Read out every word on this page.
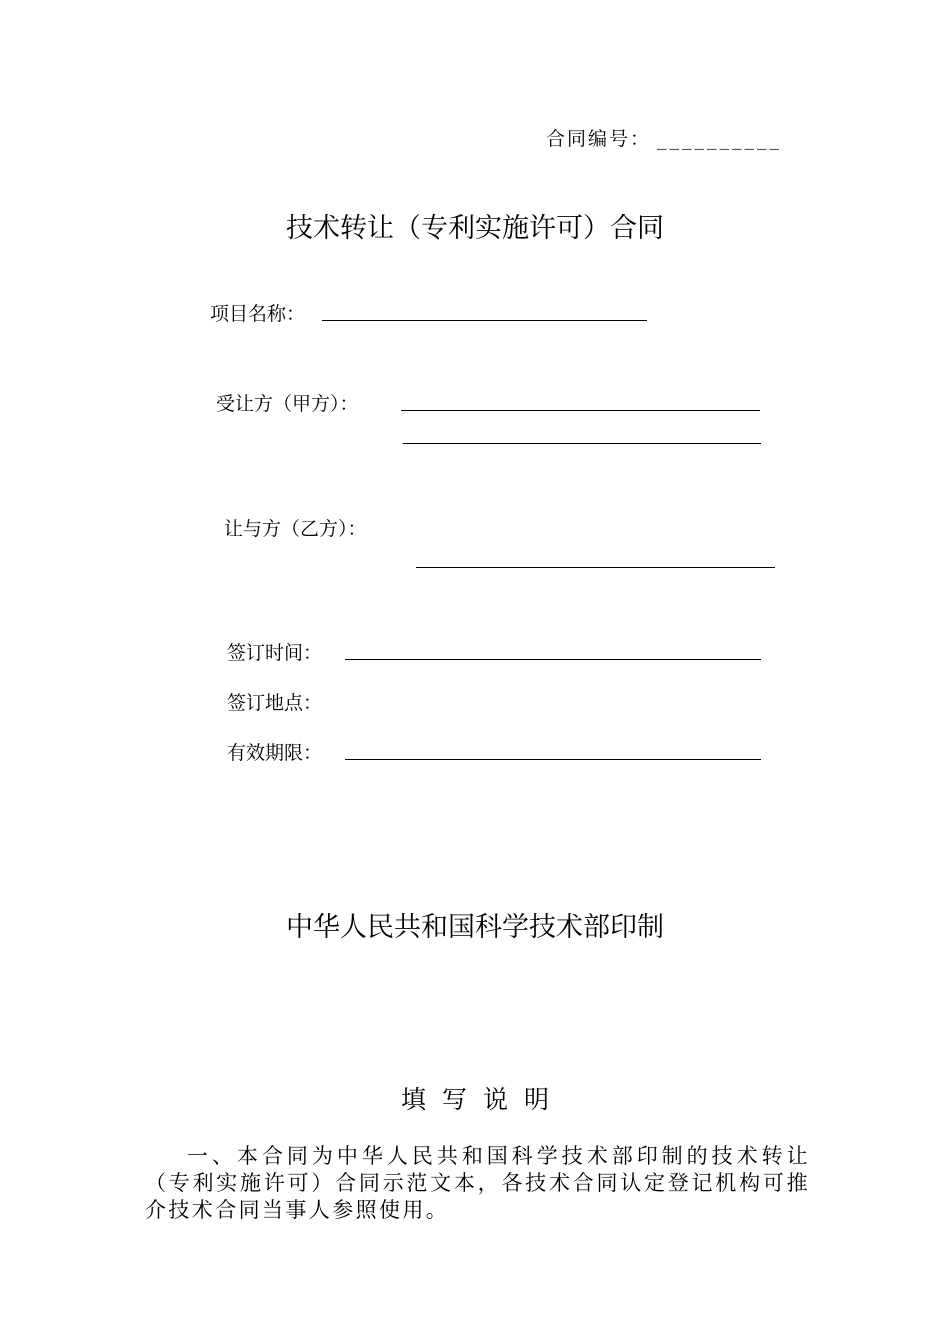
合同编号： __________
技术转让（专利实施许可）合同
项目名称：
受让方（甲方）：
让与方（乙方）：
签订时间：
签订地点：
有效期限：
中华人民共和国科学技术部印制
填写说明
一、本合同为中华人民共和国科学技术部印制的技术转让（专利实施许可）合同示范文本，各技术合同认定登记机构可推介技术合同当事人参照使用。
